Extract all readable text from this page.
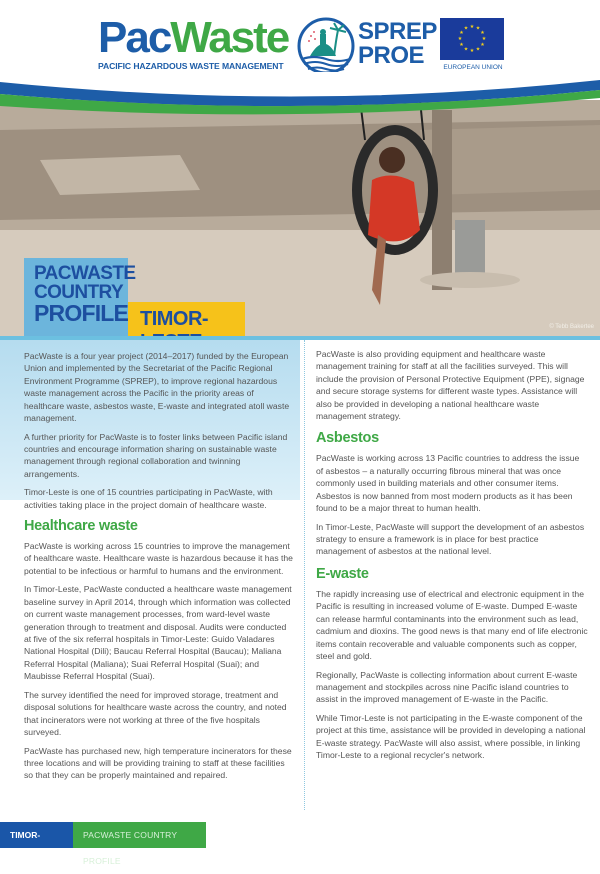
PacWaste
PACIFIC HAZARDOUS WASTE MANAGEMENT
SPREP
PROE
★ ★
★
★
★
★
★
★
★
★
★
★
EUROPEAN UNION
© Tebb Bakertee
PACWASTE
COUNTRY
PROFILE TIMOR-

PacWaste is a four year project (2014–2017) funded by the European Union and implemented by the Secretariat of the Pacific Regional Environment Programme (SPREP), to improve regional hazardous waste management across the Pacific in the priority areas of healthcare waste, asbestos waste, E-waste and integrated atoll waste management.

A further priority for PacWaste is to foster links between Pacific island countries and encourage information sharing on sustainable waste management through regional collaboration and twinning arrangements.

Timor-Leste is one of 15 countries participating in PacWaste, with activities taking place in the project domain of healthcare waste.

Healthcare waste

PacWaste is working across 15 countries to improve the management of healthcare waste. Healthcare waste is hazardous because it has the potential to be infectious or harmful to humans and the environment.

In Timor-Leste, PacWaste conducted a healthcare waste management baseline survey in April 2014, through which information was collected on current waste management processes, from ward-level waste generation through to treatment and disposal. Audits were conducted at five of the six referral hospitals in Timor-Leste: Guido Valadares National Hospital (Dili); Baucau Referral Hospital (Baucau); Maliana Referral Hospital (Maliana); Suai Referral Hospital (Suai); and Maubisse Referral Hospital (Suai).

The survey identified the need for improved storage, treatment and disposal solutions for healthcare waste across the country, and noted that incinerators were not working at three of the five hospitals surveyed.

PacWaste has purchased new, high temperature incinerators for these three locations and will be providing training to staff at these facilities so that they can be properly maintained and repaired.

PacWaste is also providing equipment and healthcare waste management training for staff at all the facilities surveyed. This will include the provision of Personal Protective Equipment (PPE), signage and secure storage systems for different waste types. Assistance will also be provided in developing a national healthcare waste management strategy.

Asbestos

PacWaste is working across 13 Pacific countries to address the issue of asbestos – a naturally occurring fibrous mineral that was once commonly used in building materials and other consumer items. Asbestos is now banned from most modern products as it has been found to be a major threat to human health.

In Timor-Leste, PacWaste will support the development of an asbestos strategy to ensure a framework is in place for best practice management of asbestos at the national level.

E-waste

The rapidly increasing use of electrical and electronic equipment in the Pacific is resulting in increased volume of E-waste. Dumped E-waste can release harmful contaminants into the environment such as lead, cadmium and dioxins. The good news is that many end of life electronic items contain recoverable and valuable components such as copper, steel and gold.

Regionally, PacWaste is collecting information about current E-waste management and stockpiles across nine Pacific island countries to assist in the improved management of E-waste in the Pacific.

While Timor-Leste is not participating in the E-waste component of the project at this time, assistance will be provided in developing a national E-waste strategy. PacWaste will also assist, where possible, in linking Timor-Leste to a regional recycler's network.

TIMOR-LESTE
PACWASTE COUNTRY PROFILE
